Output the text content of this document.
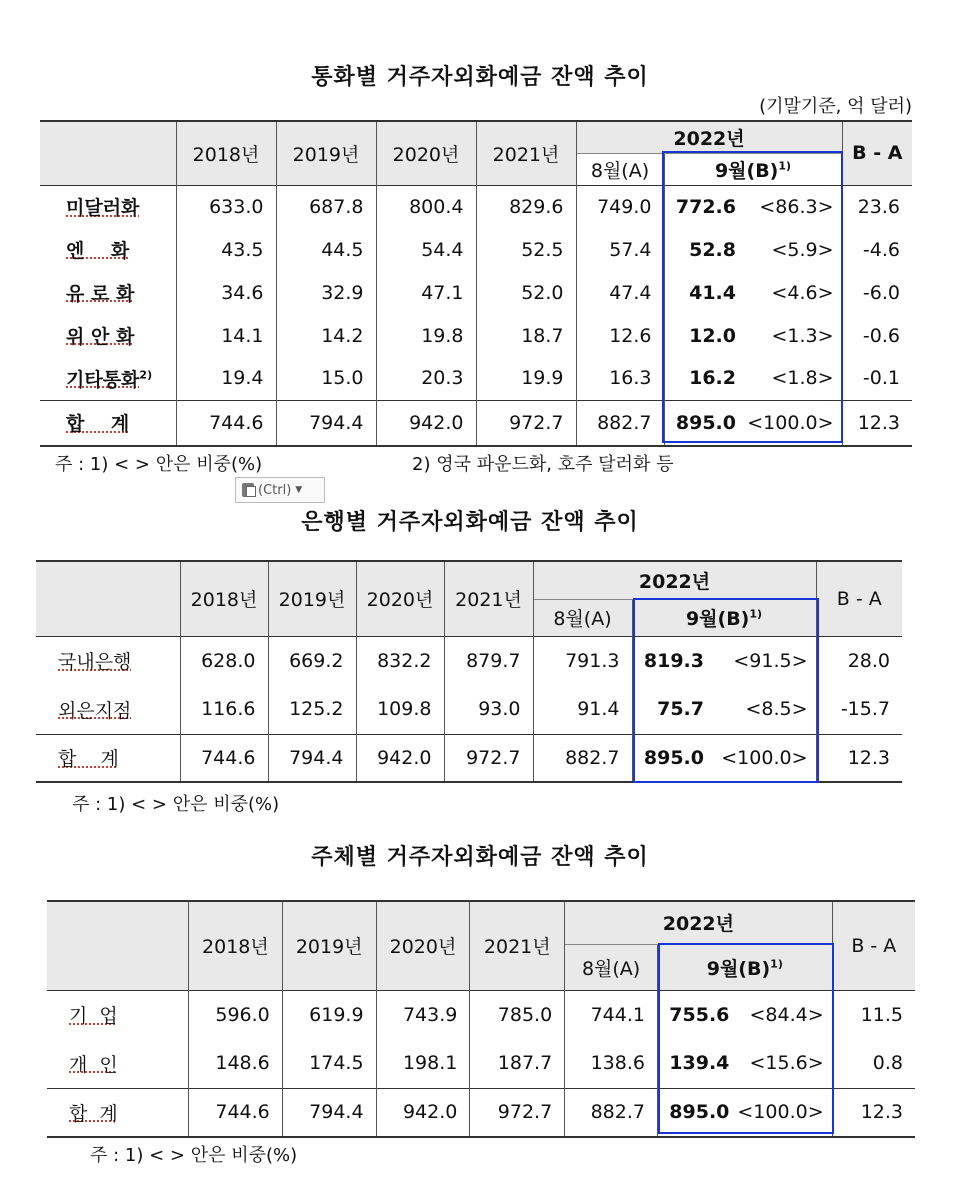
통화별 거주자외화예금 잔액 추이
(기말기준, 억 달러)
	2018년	2019년	2020년	2021년	2022년			B - A
					8월(A)	9월$(B)^{1)}$
미달러화	633.0	687.8	800.4	829.6	749.0	772.6	<86.3>	23.6
엔    화	43.5	44.5	54.4	52.5	57.4	52.8	<5.9>	-4.6
유 로 화	34.6	32.9	47.1	52.0	47.4	41.4	<4.6>	-6.0
위 안 화	14.1	14.2	19.8	18.7	12.6	12.0	<1.3>	-0.6
기타통화$^{2)}$	19.4	15.0	20.3	19.9	16.3	16.2	<1.8>	-0.1
합    계	744.6	794.4	942.0	972.7	882.7	895.0	<100.0>	12.3
주 : 1) < > 안은 비중(%)	2) 영국 파운드화, 호주 달러화 등
(Ctrl) ▼
은행별 거주자외화예금 잔액 추이
	2018년	2019년	2020년	2021년	2022년			B - A
					8월(A)	9월$(B)^{1)}$
국내은행	628.0	669.2	832.2	879.7	791.3	819.3	<91.5>	28.0
외은지점	116.6	125.2	109.8	93.0	91.4	75.7	<8.5>	-15.7
합    계	744.6	794.4	942.0	972.7	882.7	895.0	<100.0>	12.3
주 : 1) < > 안은 비중(%)
주체별 거주자외화예금 잔액 추이
	2018년	2019년	2020년	2021년	2022년			B - A
					8월(A)	9월$(B)^{1)}$
기  업	596.0	619.9	743.9	785.0	744.1	755.6	<84.4>	11.5
개  인	148.6	174.5	198.1	187.7	138.6	139.4	<15.6>	0.8
합  계	744.6	794.4	942.0	972.7	882.7	895.0	<100.0>	12.3
주 : 1) < > 안은 비중(%)
